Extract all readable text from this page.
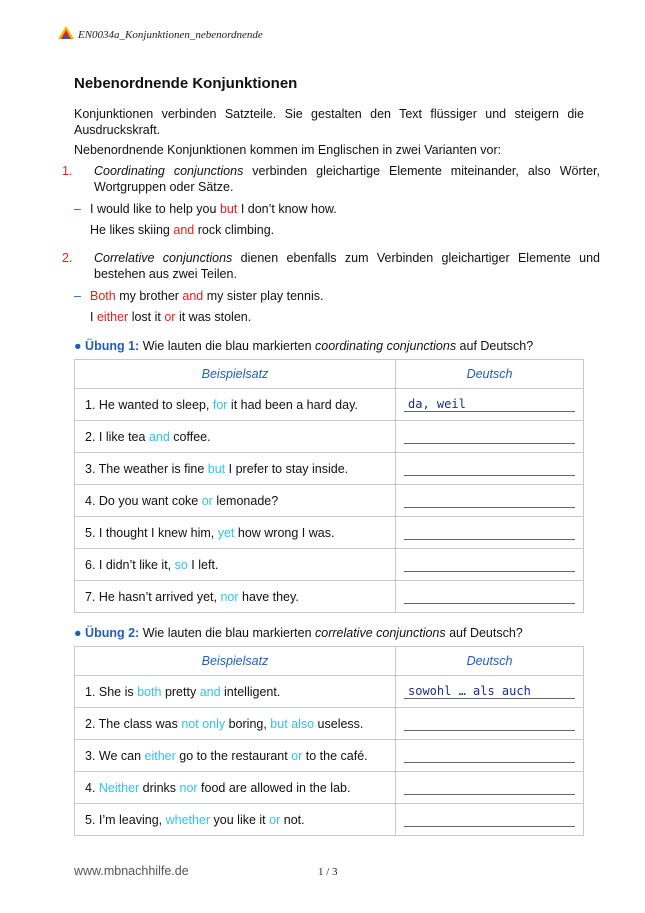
EN0034a_Konjunktionen_nebenordnende
Nebenordnende Konjunktionen
Konjunktionen verbinden Satzteile. Sie gestalten den Text flüssiger und steigern die Ausdruckskraft.
Nebenordnende Konjunktionen kommen im Englischen in zwei Varianten vor:
1. Coordinating conjunctions verbinden gleichartige Elemente miteinander, also Wörter, Wortgruppen oder Sätze.
– I would like to help you but I don’t know how.
He likes skiing and rock climbing.
2. Correlative conjunctions dienen ebenfalls zum Verbinden gleichartiger Elemente und bestehen aus zwei Teilen.
– Both my brother and my sister play tennis.
I either lost it or it was stolen.
● Übung 1: Wie lauten die blau markierten coordinating conjunctions auf Deutsch?
Beispielsatz	Deutsch
1. He wanted to sleep, for it had been a hard day.	da, weil

2. I like tea and coffee.	

3. The weather is fine but I prefer to stay inside.	

4. Do you want coke or lemonade?	

5. I thought I knew him, yet how wrong I was.	

6. I didn’t like it, so I left.	

7. He hasn’t arrived yet, nor have they.	
● Übung 2: Wie lauten die blau markierten correlative conjunctions auf Deutsch?
Beispielsatz	Deutsch
1. She is both pretty and intelligent.	sowohl … als auch

2. The class was not only boring, but also useless.	

3. We can either go to the restaurant or to the café.	

4. Neither drinks nor food are allowed in the lab.	

5. I’m leaving, whether you like it or not.	
www.mbnachhilfe.de	1 / 3
